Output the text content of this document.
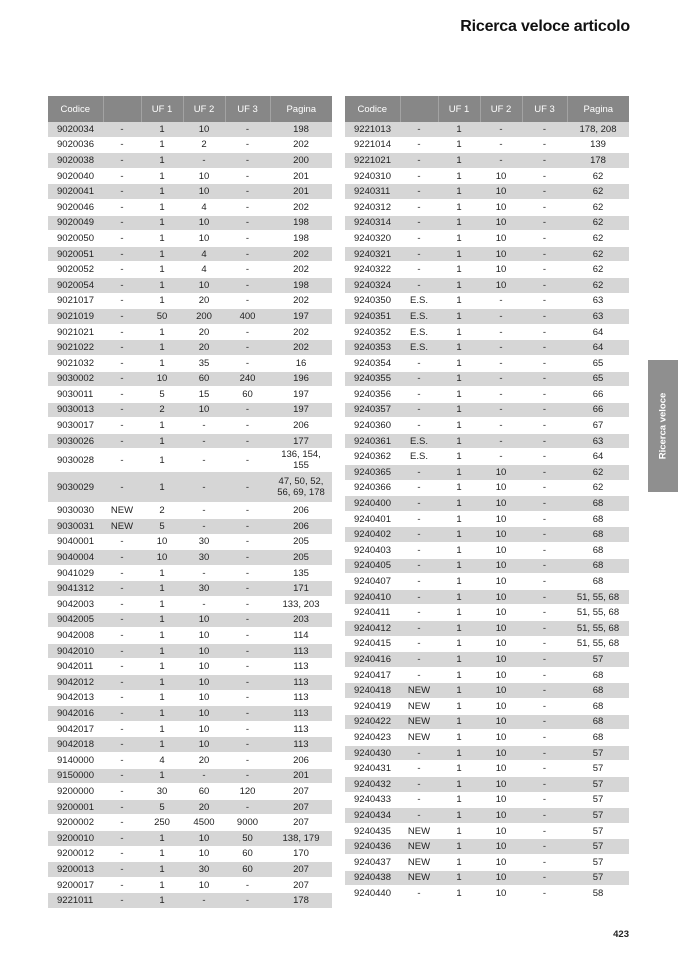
Ricerca veloce articolo
Ricerca veloce
Codice		UF 1	UF 2	UF 3	Pagina
9020034	-	1	10	-	198
9020036	-	1	2	-	202
9020038	-	1	-	-	200
9020040	-	1	10	-	201
9020041	-	1	10	-	201
9020046	-	1	4	-	202
9020049	-	1	10	-	198
9020050	-	1	10	-	198
9020051	-	1	4	-	202
9020052	-	1	4	-	202
9020054	-	1	10	-	198
9021017	-	1	20	-	202
9021019	-	50	200	400	197
9021021	-	1	20	-	202
9021022	-	1	20	-	202
9021032	-	1	35	-	16
9030002	-	10	60	240	196
9030011	-	5	15	60	197
9030013	-	2	10	-	197
9030017	-	1	-	-	206
9030026	-	1	-	-	177
9030028	-	1	-	-	136, 154, 155
9030029	-	1	-	-	47, 50, 52, 56, 69, 178
9030030	NEW	2	-	-	206
9030031	NEW	5	-	-	206
9040001	-	10	30	-	205
9040004	-	10	30	-	205
9041029	-	1	-	-	135
9041312	-	1	30	-	171
9042003	-	1	-	-	133, 203
9042005	-	1	10	-	203
9042008	-	1	10	-	114
9042010	-	1	10	-	113
9042011	-	1	10	-	113
9042012	-	1	10	-	113
9042013	-	1	10	-	113
9042016	-	1	10	-	113
9042017	-	1	10	-	113
9042018	-	1	10	-	113
9140000	-	4	20	-	206
9150000	-	1	-	-	201
9200000	-	30	60	120	207
9200001	-	5	20	-	207
9200002	-	250	4500	9000	207
9200010	-	1	10	50	138, 179
9200012	-	1	10	60	170
9200013	-	1	30	60	207
9200017	-	1	10	-	207
9221011	-	1	-	-	178
Codice		UF 1	UF 2	UF 3	Pagina
9221013	-	1	-	-	178, 208
9221014	-	1	-	-	139
9221021	-	1	-	-	178
9240310	-	1	10	-	62
9240311	-	1	10	-	62
9240312	-	1	10	-	62
9240314	-	1	10	-	62
9240320	-	1	10	-	62
9240321	-	1	10	-	62
9240322	-	1	10	-	62
9240324	-	1	10	-	62
9240350	E.S.	1	-	-	63
9240351	E.S.	1	-	-	63
9240352	E.S.	1	-	-	64
9240353	E.S.	1	-	-	64
9240354	-	1	-	-	65
9240355	-	1	-	-	65
9240356	-	1	-	-	66
9240357	-	1	-	-	66
9240360	-	1	-	-	67
9240361	E.S.	1	-	-	63
9240362	E.S.	1	-	-	64
9240365	-	1	10	-	62
9240366	-	1	10	-	62
9240400	-	1	10	-	68
9240401	-	1	10	-	68
9240402	-	1	10	-	68
9240403	-	1	10	-	68
9240405	-	1	10	-	68
9240407	-	1	10	-	68
9240410	-	1	10	-	51, 55, 68
9240411	-	1	10	-	51, 55, 68
9240412	-	1	10	-	51, 55, 68
9240415	-	1	10	-	51, 55, 68
9240416	-	1	10	-	57
9240417	-	1	10	-	68
9240418	NEW	1	10	-	68
9240419	NEW	1	10	-	68
9240422	NEW	1	10	-	68
9240423	NEW	1	10	-	68
9240430	-	1	10	-	57
9240431	-	1	10	-	57
9240432	-	1	10	-	57
9240433	-	1	10	-	57
9240434	-	1	10	-	57
9240435	NEW	1	10	-	57
9240436	NEW	1	10	-	57
9240437	NEW	1	10	-	57
9240438	NEW	1	10	-	57
9240440	-	1	10	-	58
423
